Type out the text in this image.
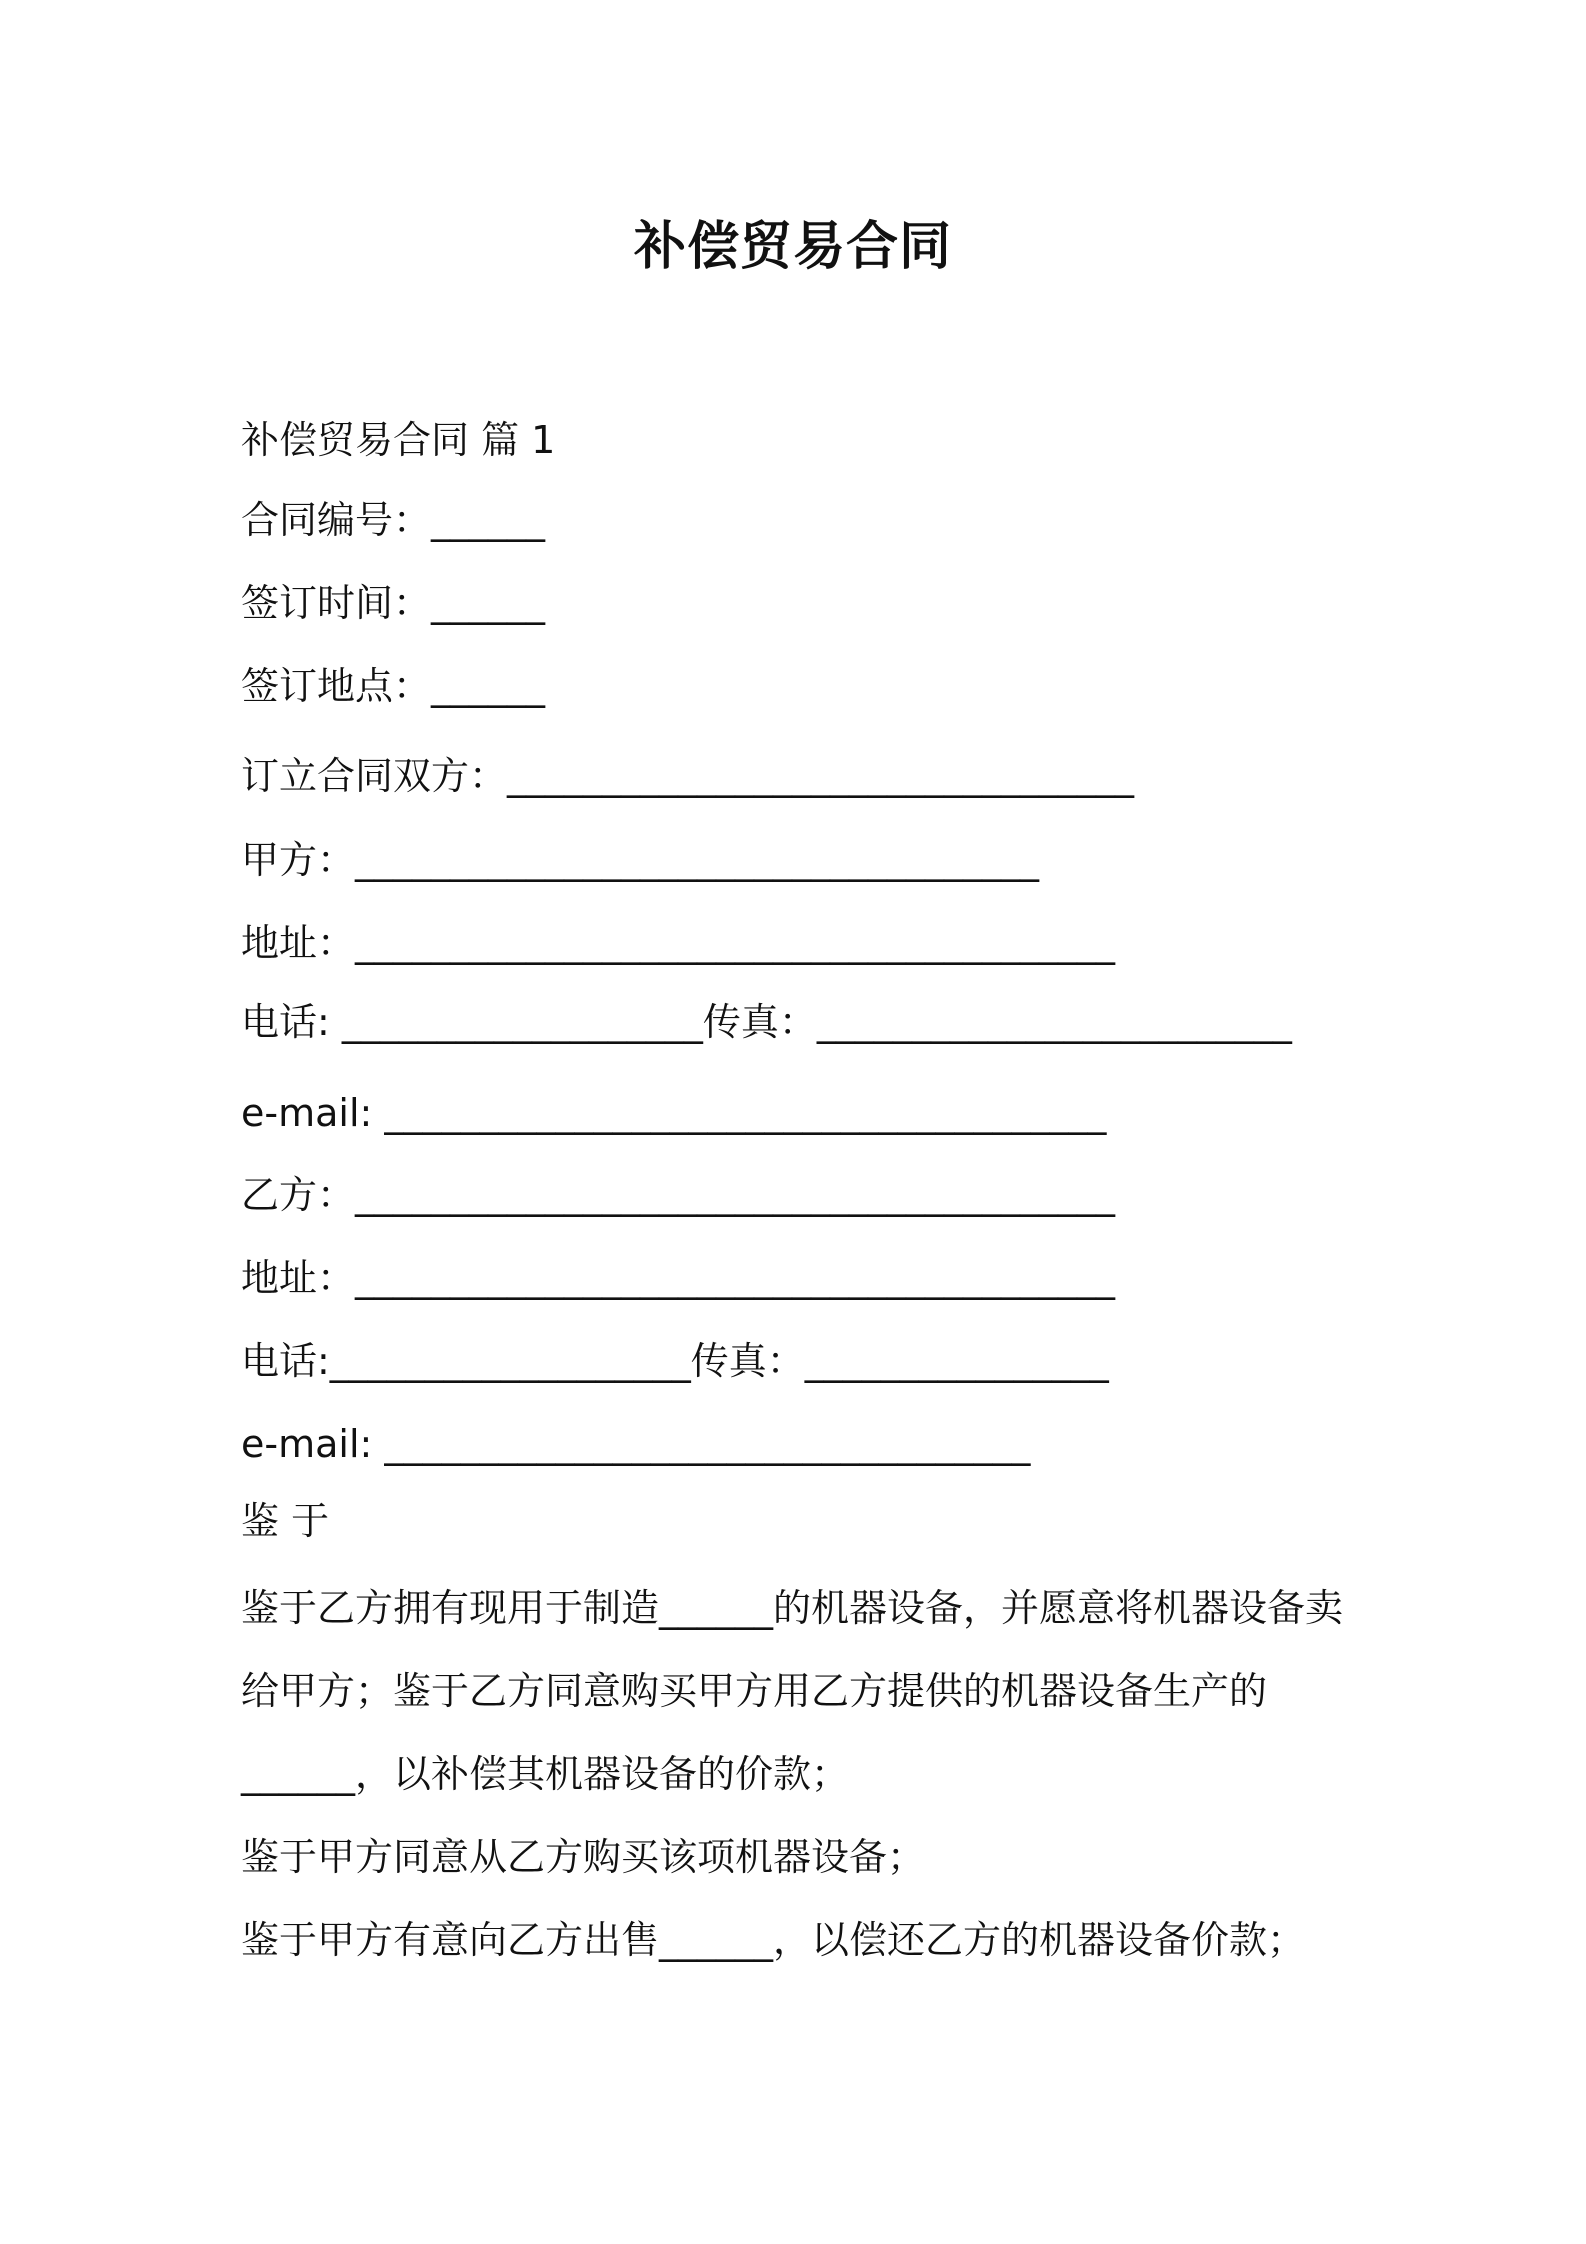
补偿贸易合同

补偿贸易合同 篇 1

合同编号：______

签订时间：______

签订地点：______

订立合同双方：_________________________________

甲方：____________________________________

地址：________________________________________

电话: ___________________传真：_________________________

e-mail: ______________________________________

乙方：________________________________________

地址：________________________________________

电话:___________________传真：________________

e-mail: __________________________________

鉴 于

鉴于乙方拥有现用于制造______的机器设备，并愿意将机器设备卖

给甲方；鉴于乙方同意购买甲方用乙方提供的机器设备生产的

______，以补偿其机器设备的价款；

鉴于甲方同意从乙方购买该项机器设备；

鉴于甲方有意向乙方出售______，以偿还乙方的机器设备价款；
